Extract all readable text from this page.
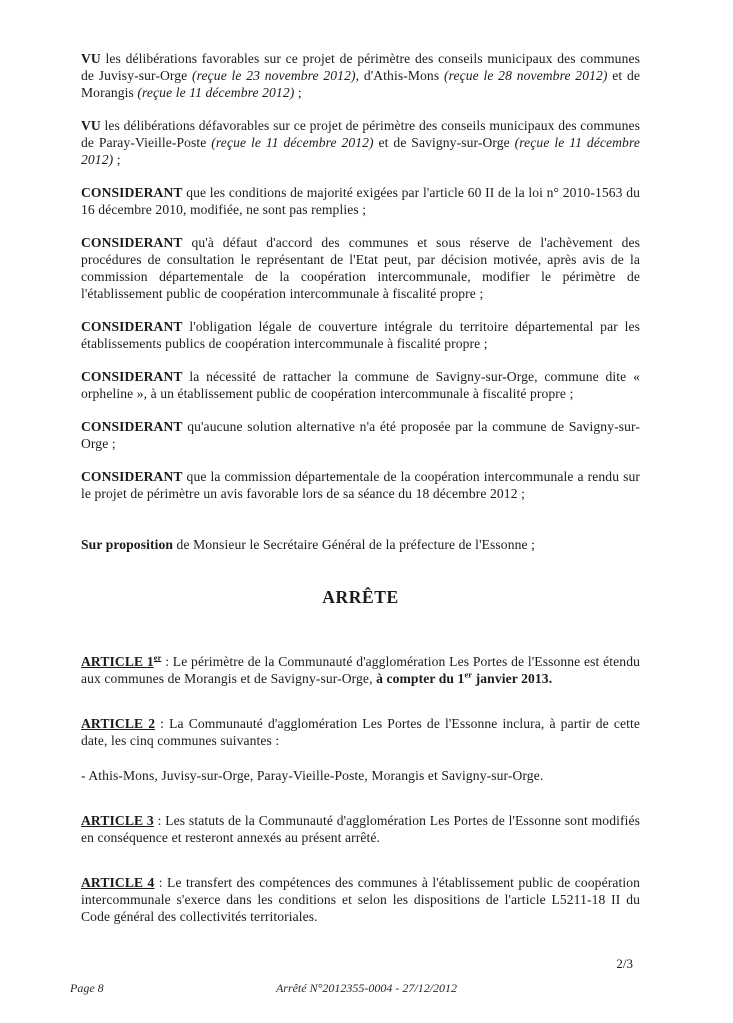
VU les délibérations favorables sur ce projet de périmètre des conseils municipaux des communes de Juvisy-sur-Orge (reçue le 23 novembre 2012), d'Athis-Mons (reçue le 28 novembre 2012) et de Morangis (reçue le 11 décembre 2012) ;

VU les délibérations défavorables sur ce projet de périmètre des conseils municipaux des communes de Paray-Vieille-Poste (reçue le 11 décembre 2012) et de Savigny-sur-Orge (reçue le 11 décembre 2012) ;

CONSIDERANT que les conditions de majorité exigées par l'article 60 II de la loi n° 2010-1563 du 16 décembre 2010, modifiée, ne sont pas remplies ;

CONSIDERANT qu'à défaut d'accord des communes et sous réserve de l'achèvement des procédures de consultation le représentant de l'Etat peut, par décision motivée, après avis de la commission départementale de la coopération intercommunale, modifier le périmètre de l'établissement public de coopération intercommunale à fiscalité propre ;

CONSIDERANT l'obligation légale de couverture intégrale du territoire départemental par les établissements publics de coopération intercommunale à fiscalité propre ;

CONSIDERANT la nécessité de rattacher la commune de Savigny-sur-Orge, commune dite « orpheline », à un établissement public de coopération intercommunale à fiscalité propre ;

CONSIDERANT qu'aucune solution alternative n'a été proposée par la commune de Savigny-sur-Orge ;

CONSIDERANT que la commission départementale de la coopération intercommunale a rendu sur le projet de périmètre un avis favorable lors de sa séance du 18 décembre 2012 ;

Sur proposition de Monsieur le Secrétaire Général de la préfecture de l'Essonne ;

ARRÊTE

ARTICLE 1er : Le périmètre de la Communauté d'agglomération Les Portes de l'Essonne est étendu aux communes de Morangis et de Savigny-sur-Orge, à compter du 1er janvier 2013.

ARTICLE 2 : La Communauté d'agglomération Les Portes de l'Essonne inclura, à partir de cette date, les cinq communes suivantes :

- Athis-Mons, Juvisy-sur-Orge, Paray-Vieille-Poste, Morangis et Savigny-sur-Orge.

ARTICLE 3 : Les statuts de la Communauté d'agglomération Les Portes de l'Essonne sont modifiés en conséquence et resteront annexés au présent arrêté.

ARTICLE 4 : Le transfert des compétences des communes à l'établissement public de coopération intercommunale s'exerce dans les conditions et selon les dispositions de l'article L5211-18 II du Code général des collectivités territoriales.

2/3
Page 8	Arrêté N°2012355-0004 - 27/12/2012
